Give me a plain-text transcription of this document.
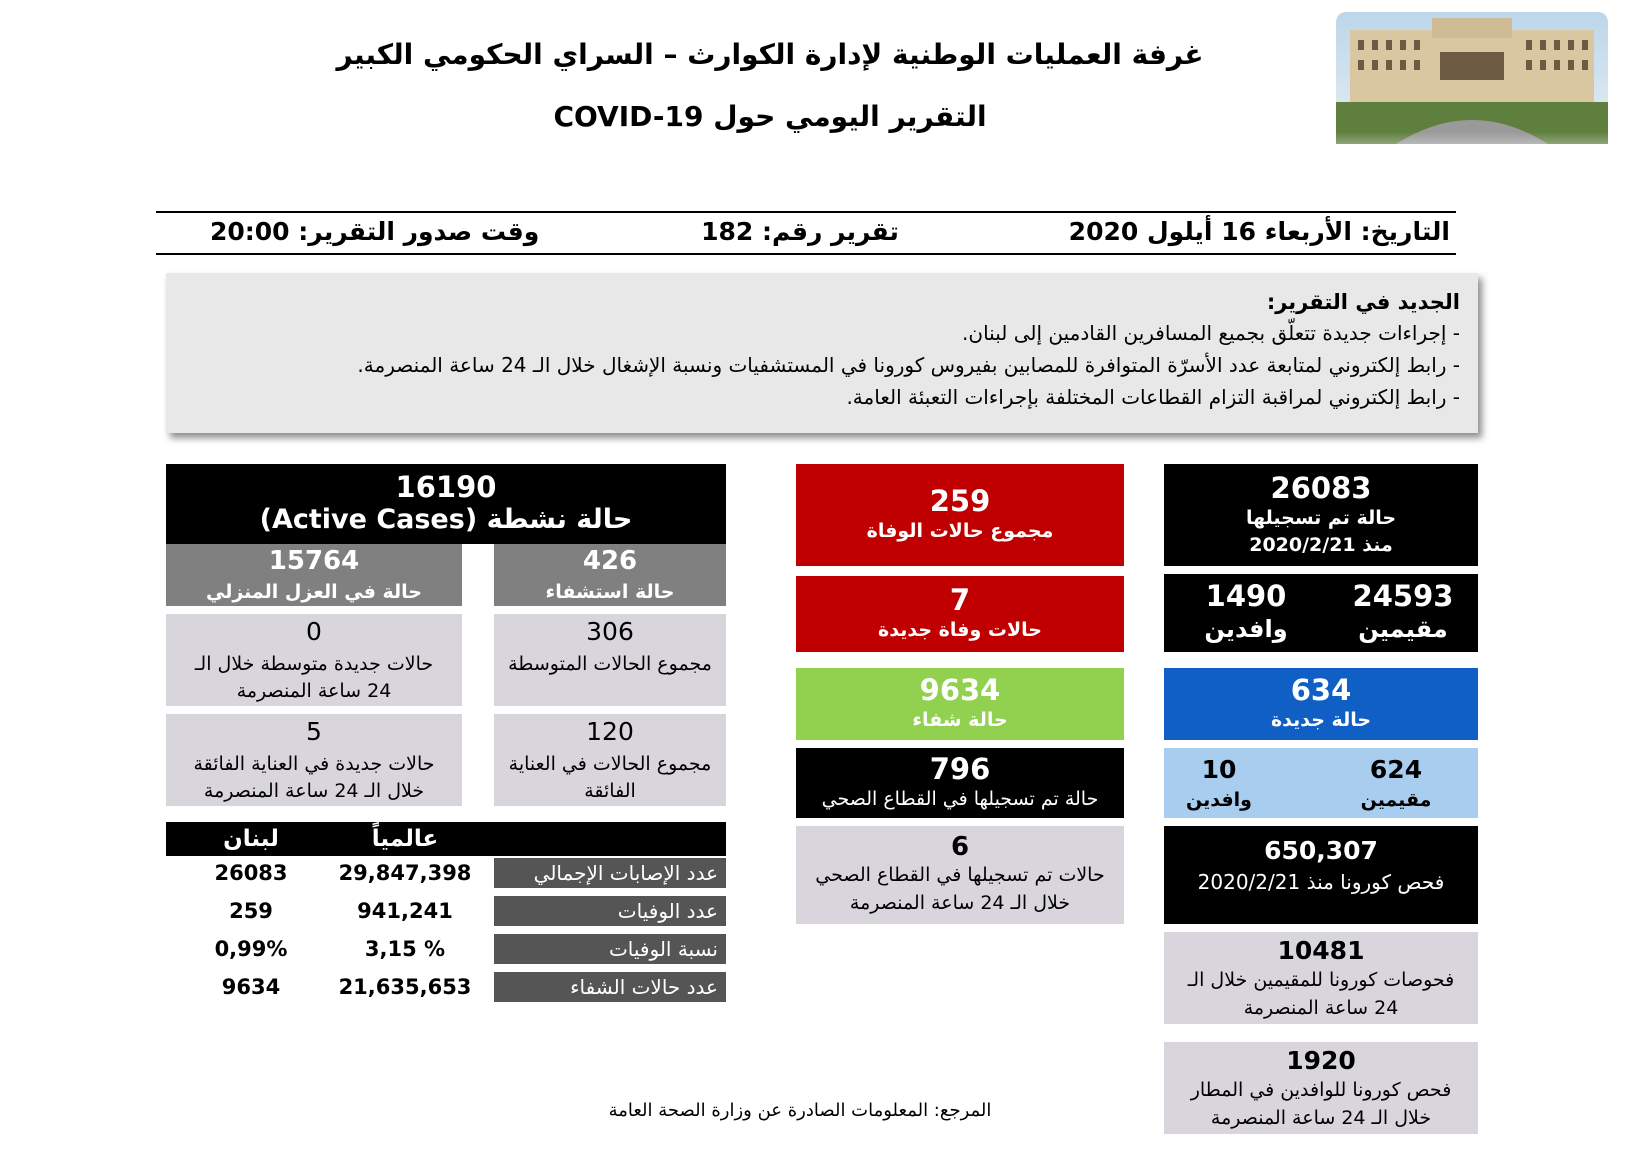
غرفة العمليات الوطنية لإدارة الكوارث – السراي الحكومي الكبير
التقرير اليومي حول COVID-19
التاريخ: الأربعاء 16 أيلول 2020
تقرير رقم: 182
وقت صدور التقرير: 20:00
الجديد في التقرير:
- إجراءات جديدة تتعلّق بجميع المسافرين القادمين إلى لبنان.
- رابط إلكتروني لمتابعة عدد الأسرّة المتوافرة للمصابين بفيروس كورونا في المستشفيات ونسبة الإشغال خلال الـ 24 ساعة المنصرمة.
- رابط إلكتروني لمراقبة التزام القطاعات المختلفة بإجراءات التعبئة العامة.
16190
حالة نشطة (Active Cases)
426
حالة استشفاء
15764
حالة في العزل المنزلي
306
مجموع الحالات المتوسطة

0
حالات جديدة متوسطة خلال الـ
24 ساعة المنصرمة
120
مجموع الحالات في العناية
الفائقة
5
حالات جديدة في العناية الفائقة
خلال الـ 24 ساعة المنصرمة
عالمياً
لبنان
عدد الإصابات الإجمالي
29,847,398
26083
عدد الوفيات
941,241
259
نسبة الوفيات
3,15 %
0,99%
عدد حالات الشفاء
21,635,653
9634
259
مجموع حالات الوفاة
7
حالات وفاة جديدة
9634
حالة شفاء
796
حالة تم تسجيلها في القطاع الصحي
6
حالات تم تسجيلها في القطاع الصحي
خلال الـ 24 ساعة المنصرمة
26083
حالة تم تسجيلها
منذ 2020/2/21
24593
مقيمين
1490
وافدين
634
حالة جديدة
624
مقيمين
10
وافدين
650,307
فحص كورونا منذ 2020/2/21
10481
فحوصات كورونا للمقيمين خلال الـ
24 ساعة المنصرمة
1920
فحص كورونا للوافدين في المطار
خلال الـ 24 ساعة المنصرمة
المرجع: المعلومات الصادرة عن وزارة الصحة العامة
